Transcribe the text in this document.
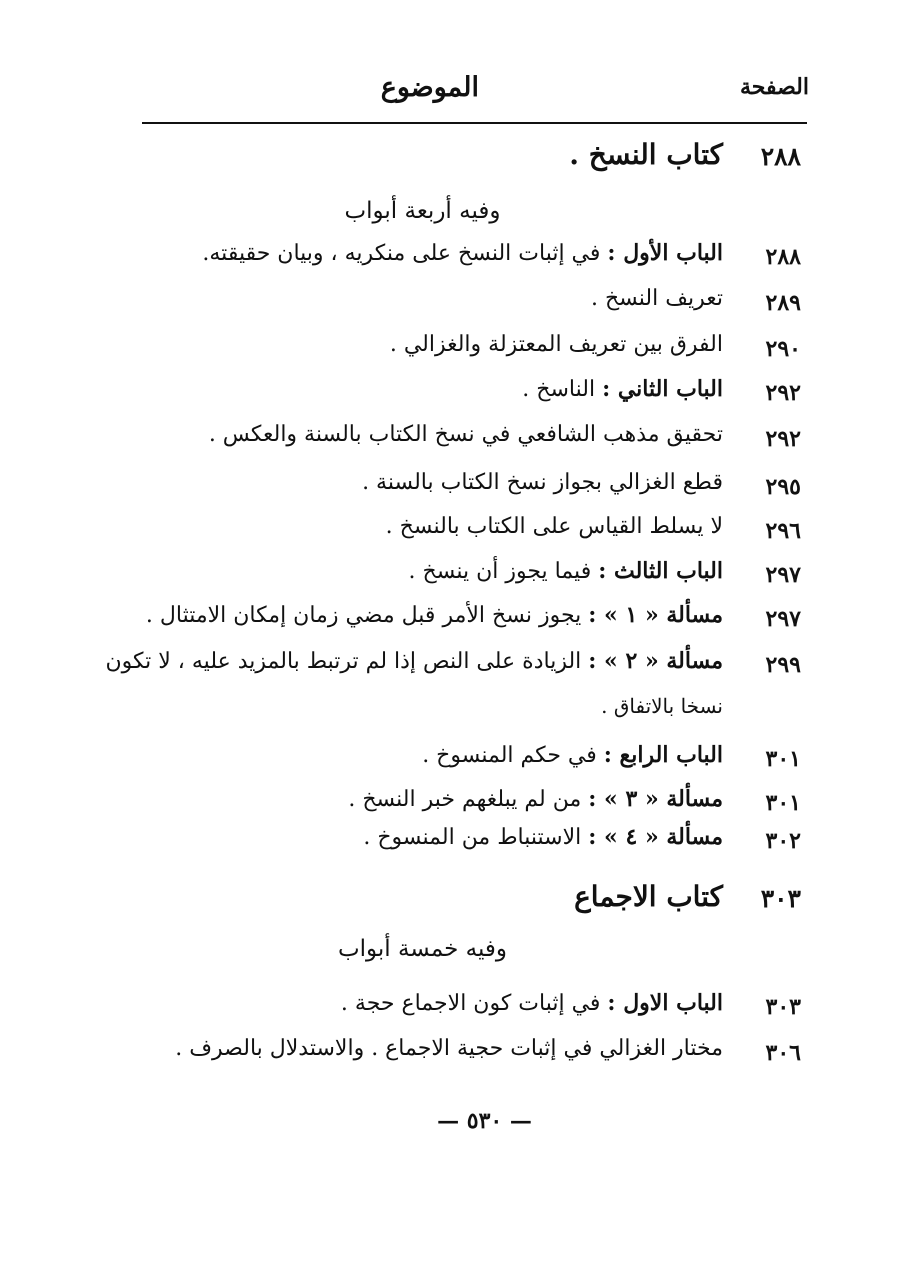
الصفحة
الموضوع
٢٨٨
كتاب النسخ .
وفيه أربعة أبواب
٢٨٨
الباب الأول : في إثبات النسخ على منكريه ، وبيان حقيقته.
٢٨٩
تعريف النسخ .
٢٩٠
الفرق بين تعريف المعتزلة والغزالي .
٢٩٢
الباب الثاني : الناسخ .
٢٩٢
تحقيق مذهب الشافعي في نسخ الكتاب بالسنة والعكس .
٢٩٥
قطع الغزالي بجواز نسخ الكتاب بالسنة .
٢٩٦
لا يسلط القياس على الكتاب بالنسخ .
٢٩٧
الباب الثالث : فيما يجوز أن ينسخ .
٢٩٧
مسألة « ١ » : يجوز نسخ الأمر قبل مضي زمان إمكان الامتثال .
٢٩٩
مسألة « ٢ » : الزيادة على النص إذا لم ترتبط بالمزيد عليه ، لا تكون
نسخا بالاتفاق .
٣٠١
الباب الرابع : في حكم المنسوخ .
٣٠١
مسألة « ٣ » : من لم يبلغهم خبر النسخ .
٣٠٢
مسألة « ٤ » : الاستنباط من المنسوخ .
٣٠٣
كتاب الاجماع
وفيه خمسة أبواب
٣٠٣
الباب الاول : في إثبات كون الاجماع حجة .
٣٠٦
مختار الغزالي في إثبات حجية الاجماع . والاستدلال بالصرف .
— ٥٣٠ —
